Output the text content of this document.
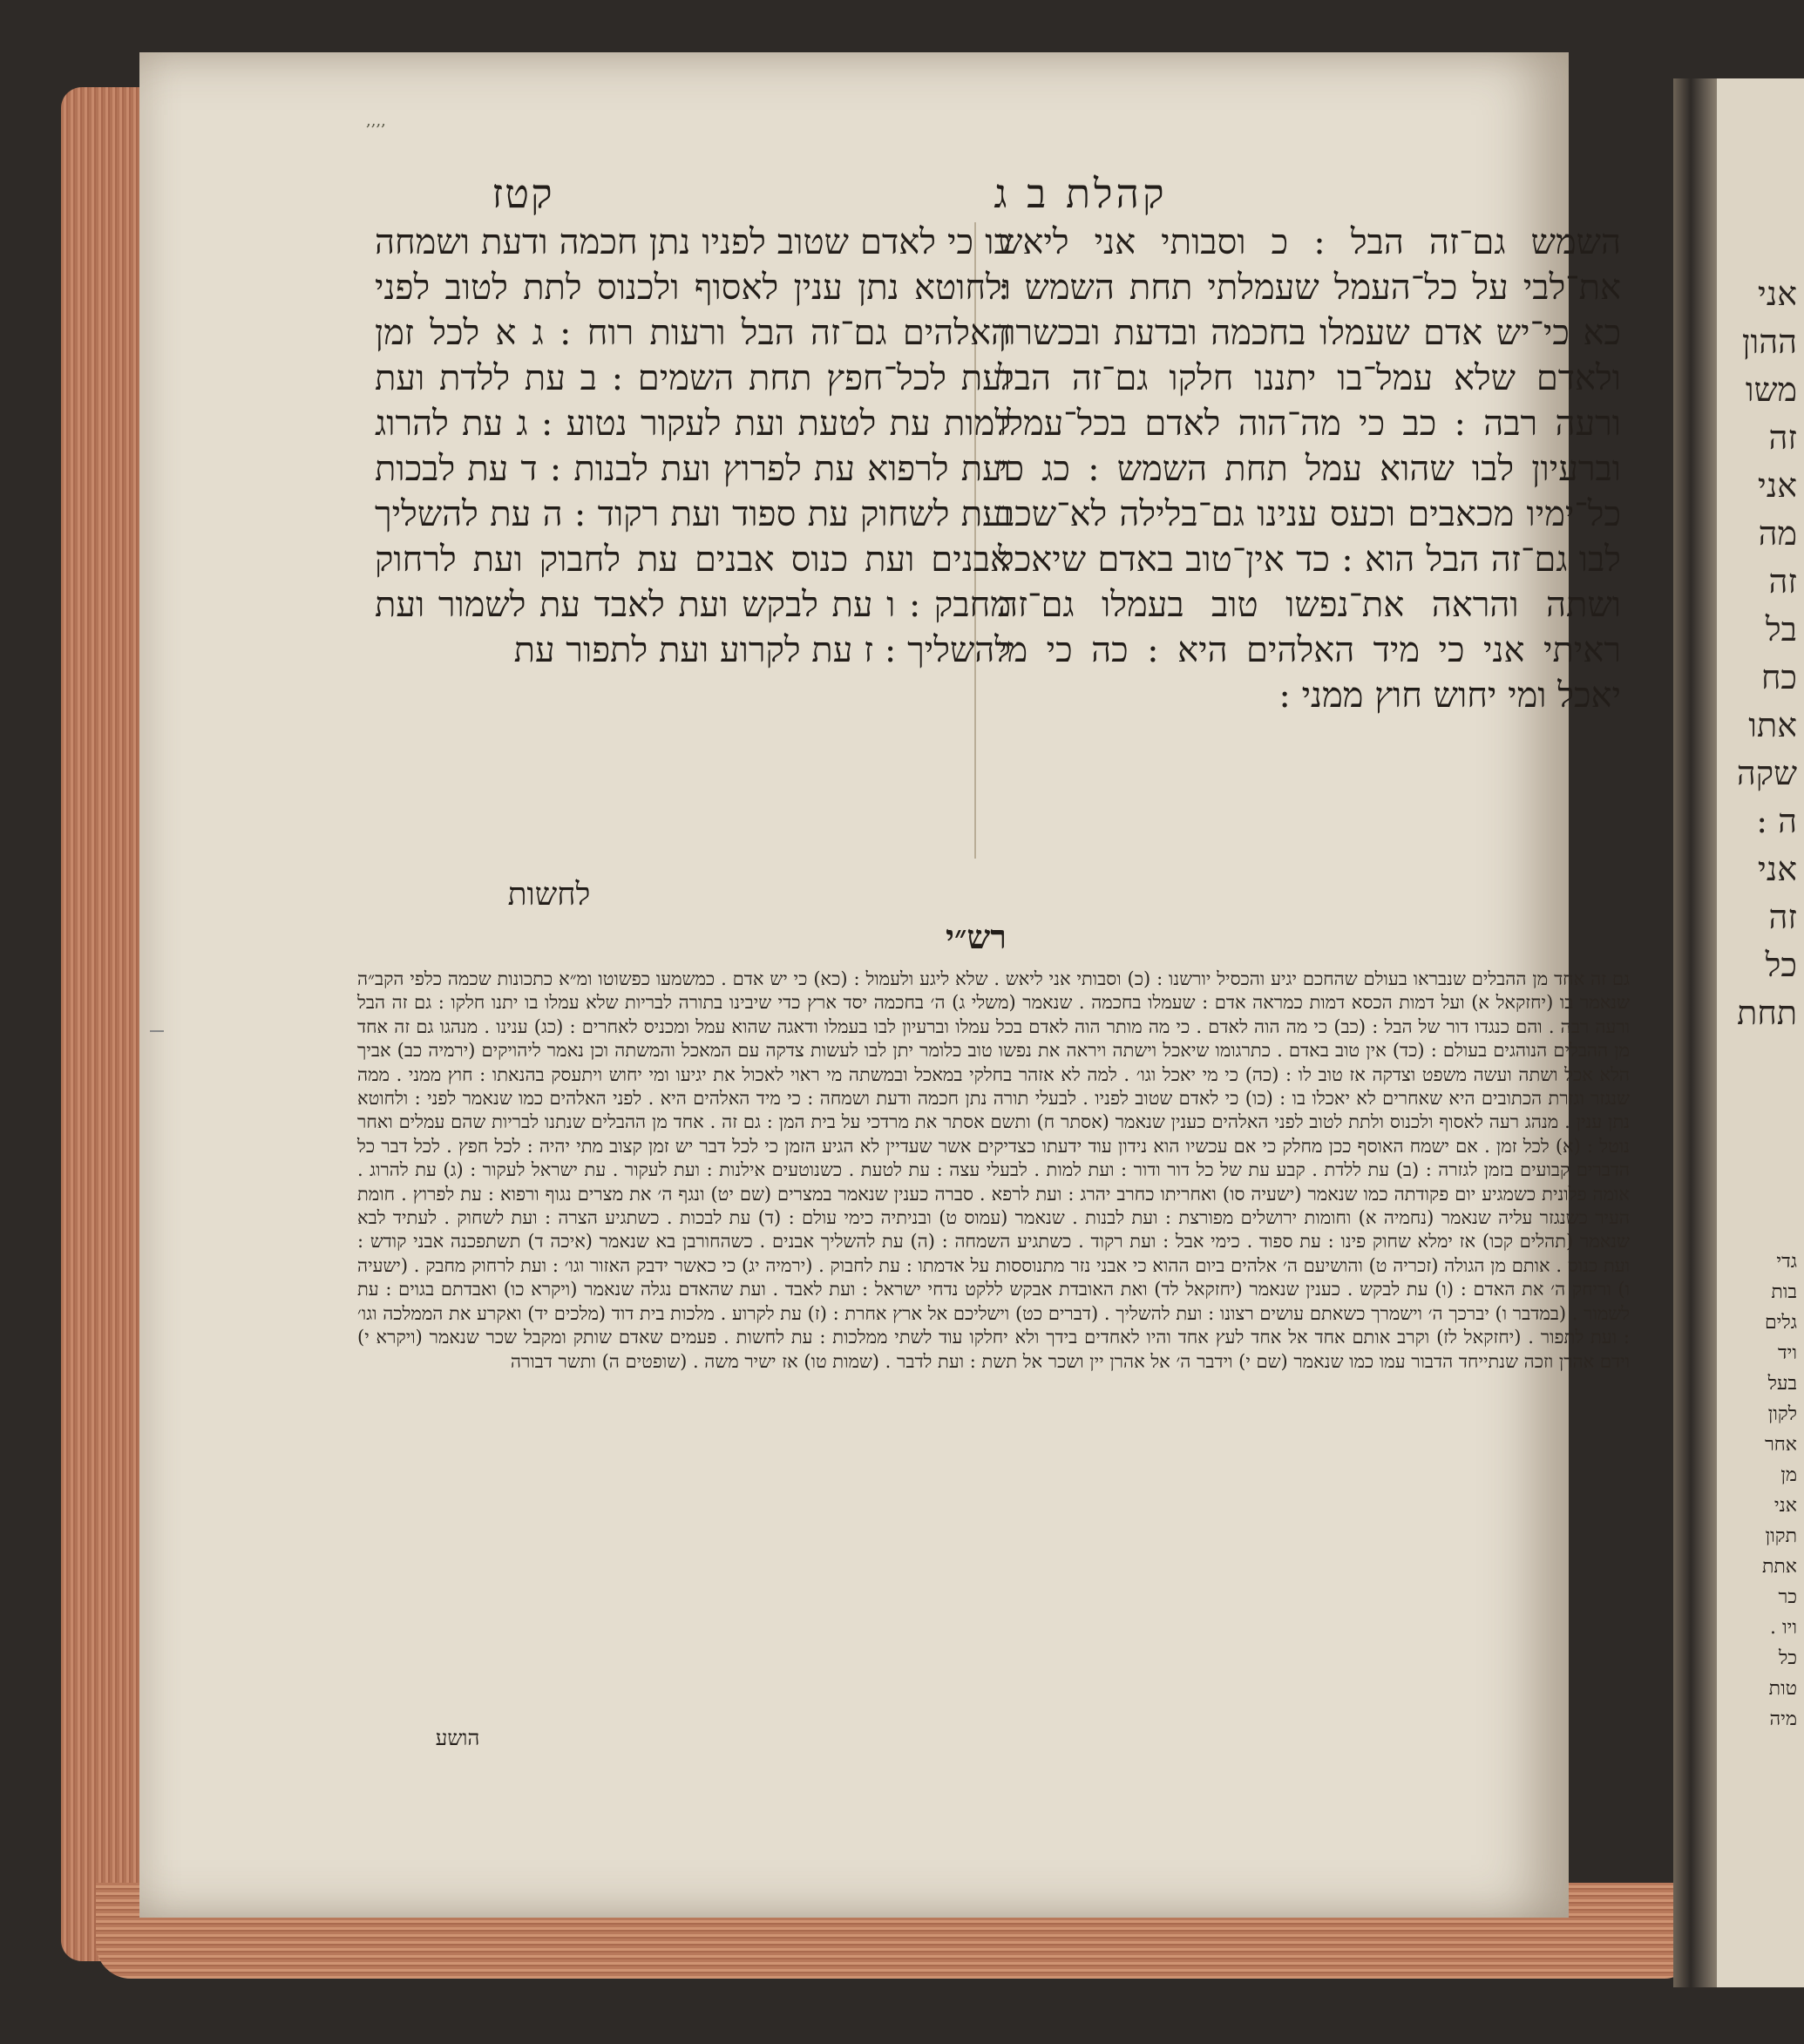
אני
ההון
משו
זה
אני
מה
זה
בל
כח
אתו
שקה
ה :
אני
זה
כל
תחת
גדי
בות
גלים
ויד
בעל
לקון
אחר
מן
אני
תקון
אתת
כר
ויו .
כל
טות
מיה
,,,,
קהלת ב ג
קטז
השמש גם־זה הבל : כ וסבותי אני ליאש את־לבי על כל־העמל שעמלתי תחת השמש : כא כי־יש אדם שעמלו בחכמה ובדעת ובכשרון ולאדם שלא עמל־בו יתננו חלקו גם־זה הבל ורעה רבה : כב כי מה־הוה לאדם בכל־עמלו וברעיון לבו שהוא עמל תחת השמש : כג כי כל־ימיו מכאבים וכעס ענינו גם־בלילה לא־שכב לבו גם־זה הבל הוא : כד אין־טוב באדם שיאכל ושתה והראה את־נפשו טוב בעמלו גם־זה ראיתי אני כי מיד האלהים היא : כה כי מי יאכל ומי יחוש חוץ ממני :
כו כי לאדם שטוב לפניו נתן חכמה ודעת ושמחה ולחוטא נתן ענין לאסוף ולכנוס לתת לטוב לפני האלהים גם־זה הבל ורעות רוח : ג א לכל זמן ועת לכל־חפץ תחת השמים : ב עת ללדת ועת למות עת לטעת ועת לעקור נטוע : ג עת להרוג ועת לרפוא עת לפרוץ ועת לבנות : ד עת לבכות ועת לשחוק עת ספוד ועת רקוד : ה עת להשליך אבנים ועת כנוס אבנים עת לחבוק ועת לרחוק מחבק : ו עת לבקש ועת לאבד עת לשמור ועת להשליך : ז עת לקרוע ועת לתפור עת
לחשות
רש״י
גם זה אחד מן ההבלים שנבראו בעולם שהחכם יגיע והכסיל יורשנו : (כ) וסבותי אני ליאש . שלא ליגע ולעמול : (כא) כי יש אדם . כמשמעו כפשוטו ומ״א כתכונות שכמה כלפי הקב״ה שנאמר בו (יחזקאל א) ועל דמות הכסא דמות כמראה אדם : שעמלו בחכמה . שנאמר (משלי ג) ה׳ בחכמה יסד ארץ כדי שיבינו בתורה לבריות שלא עמלו בו יתנו חלקו : גם זה הבל ורעה רבה . והם כנגדו דור של הבל : (כב) כי מה הוה לאדם . כי מה מותר הוה לאדם בכל עמלו וברעיון לבו בעמלו ודאגה שהוא עמל ומכניס לאחרים : (כג) ענינו . מנהגו גם זה אחד מן ההבלים הנוהגים בעולם : (כד) אין טוב באדם . כתרגומו שיאכל וישתה ויראה את נפשו טוב כלומר יתן לבו לעשות צדקה עם המאכל והמשתה וכן נאמר ליהויקים (ירמיה כב) אביך הלא אכל ושתה ועשה משפט וצדקה אז טוב לו : (כה) כי מי יאכל וגו׳ . למה לא אזהר בחלקי במאכל ובמשתה מי ראוי לאכול את יגיעו ומי יחוש ויתעסק בהנאתו : חוץ ממני . ממה שנגזר וגזרת הכתובים היא שאחרים לא יאכלו בו : (כו) כי לאדם שטוב לפניו . לבעלי תורה נתן חכמה ודעת ושמחה : כי מיד האלהים היא . לפני האלהים כמו שנאמר לפני : ולחוטא נתן ענין . מנהג רעה לאסוף ולכנוס ולתת לטוב לפני האלהים כענין שנאמר (אסתר ח) ותשם אסתר את מרדכי על בית המן : גם זה . אחד מן ההבלים שנתנו לבריות שהם עמלים ואחר נוטל : (א) לכל זמן . אם ישמח האוסף ככן מחלק כי אם עכשיו הוא נידון עוד ידעתו כצדיקים אשר שעדיין לא הגיע הזמן כי לכל דבר יש זמן קצוב מתי יהיה : לכל חפץ . לכל דבר כל הדברים קבועים בזמן לגזרה : (ב) עת ללדת . קבע עת של כל דור ודור : ועת למות . לבעלי עצה : עת לטעת . כשנוטעים אילנות : ועת לעקור . עת ישראל לעקור : (ג) עת להרוג . אומה פלונית כשמגיע יום פקודתה כמו שנאמר (ישעיה סו) ואחריתו כחרב יהרג : ועת לרפא . סברה כענין שנאמר במצרים (שם יט) ונגף ה׳ את מצרים נגוף ורפוא : עת לפרוץ . חומת העיר כשנגזר עליה שנאמר (נחמיה א) וחומות ירושלים מפורצת : ועת לבנות . שנאמר (עמוס ט) ובניתיה כימי עולם : (ד) עת לבכות . כשתגיע הצרה : ועת לשחוק . לעתיד לבא שנאמר (תהלים קכו) אז ימלא שחוק פינו : עת ספוד . כימי אבל : ועת רקוד . כשתגיע השמחה : (ה) עת להשליך אבנים . כשהחורבן בא שנאמר (איכה ד) תשתפכנה אבני קודש : ועת כנוס . אותם מן הגולה (זכריה ט) והושיעם ה׳ אלהים ביום ההוא כי אבני נזר מתנוססות על אדמתו : עת לחבוק . (ירמיה יג) כי כאשר ידבק האזור וגו׳ : ועת לרחוק מחבק . (ישעיה ו) וריחק ה׳ את האדם : (ו) עת לבקש . כענין שנאמר (יחזקאל לד) ואת האובדת אבקש ללקט נדחי ישראל : ועת לאבד . ועת שהאדם נגלה שנאמר (ויקרא כו) ואבדתם בגוים : עת לשמור . (במדבר ו) יברכך ה׳ וישמרך כשאתם עושים רצונו : ועת להשליך . (דברים כט) וישליכם אל ארץ אחרת : (ז) עת לקרוע . מלכות בית דוד (מלכים יד) ואקרע את הממלכה וגו׳ : ועת לתפור . (יחזקאל לז) וקרב אותם אחד אל אחד לעץ אחד והיו לאחדים בידך ולא יחלקו עוד לשתי ממלכות : עת לחשות . פעמים שאדם שותק ומקבל שכר שנאמר (ויקרא י) וידם אהרן וזכה שנתייחד הדבור עמו כמו שנאמר (שם י) וידבר ה׳ אל אהרן יין ושכר אל תשת : ועת לדבר . (שמות טו) אז ישיר משה . (שופטים ה) ותשר דבורה
הושע
